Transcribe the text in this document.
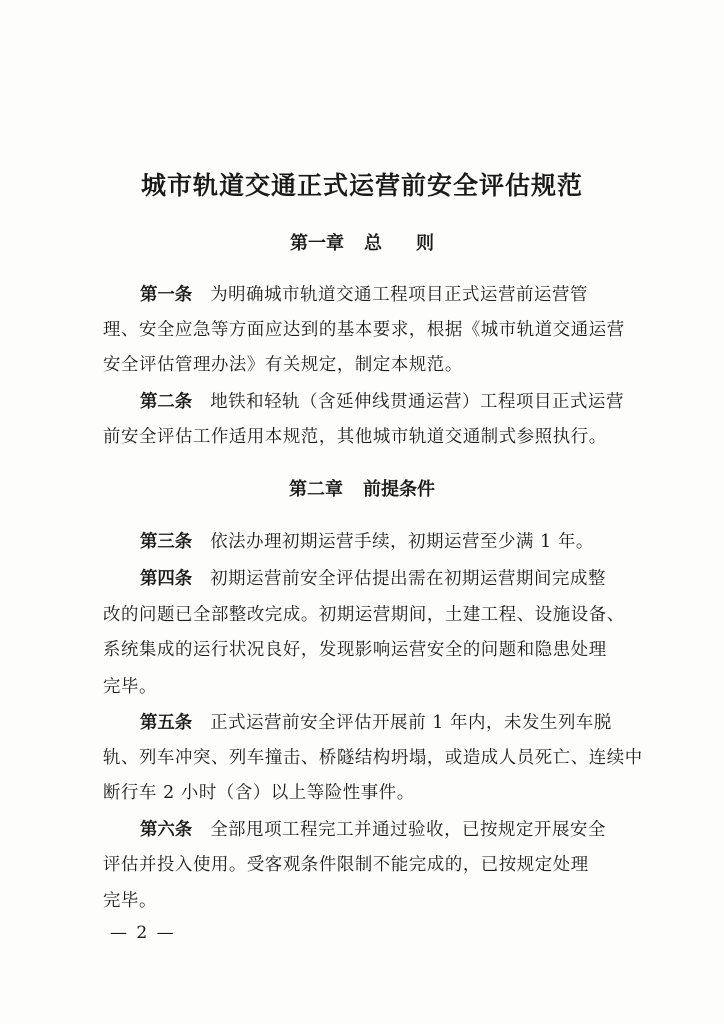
城市轨道交通正式运营前安全评估规范
第一章 总 则
第一条 为明确城市轨道交通工程项目正式运营前运营管
理、安全应急等方面应达到的基本要求，根据《城市轨道交通运营
安全评估管理办法》有关规定，制定本规范。
第二条 地铁和轻轨（含延伸线贯通运营）工程项目正式运营
前安全评估工作适用本规范，其他城市轨道交通制式参照执行。
第二章 前提条件
第三条 依法办理初期运营手续，初期运营至少满 1 年。
第四条 初期运营前安全评估提出需在初期运营期间完成整
改的问题已全部整改完成。初期运营期间，土建工程、设施设备、
系统集成的运行状况良好，发现影响运营安全的问题和隐患处理
完毕。
第五条 正式运营前安全评估开展前 1 年内，未发生列车脱
轨、列车冲突、列车撞击、桥隧结构坍塌，或造成人员死亡、连续中
断行车 2 小时（含）以上等险性事件。
第六条 全部甩项工程完工并通过验收，已按规定开展安全
评估并投入使用。受客观条件限制不能完成的，已按规定处理
完毕。
— 2 —
